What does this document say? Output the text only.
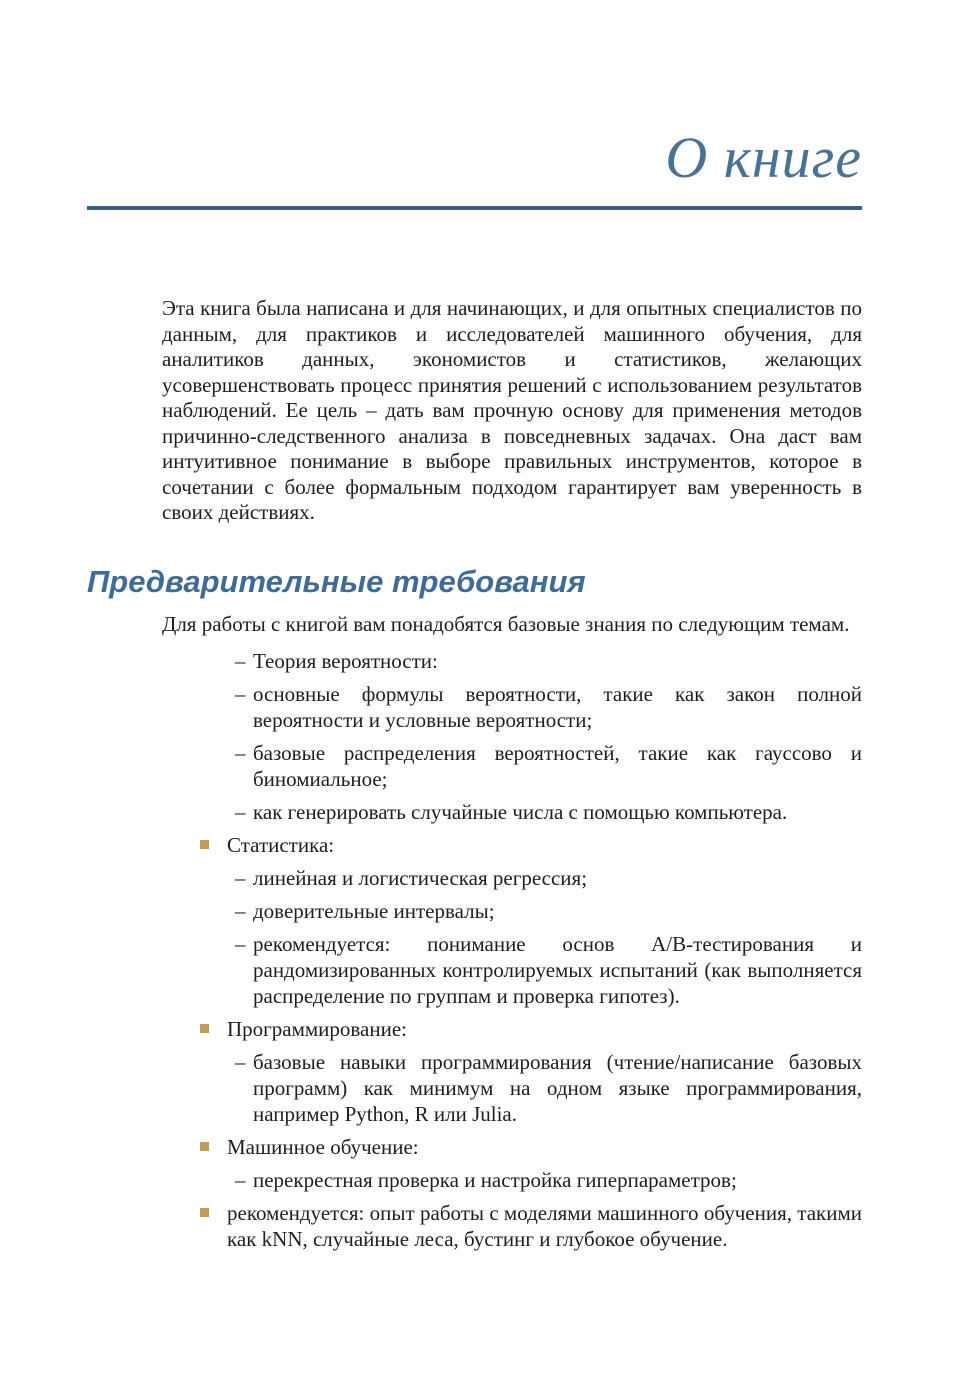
О книге

Эта книга была написана и для начинающих, и для опытных специалистов по данным, для практиков и исследователей машинного обучения, для аналитиков данных, экономистов и статистиков, желающих усовершенствовать процесс принятия решений с использованием результатов наблюдений. Ее цель – дать вам прочную основу для применения методов причинно-следственного анализа в повседневных задачах. Она даст вам интуитивное понимание в выборе правильных инструментов, которое в сочетании с более формальным подходом гарантирует вам уверенность в своих действиях.

Предварительные требования

Для работы с книгой вам понадобятся базовые знания по следующим темам.

– Теория вероятности:
– основные формулы вероятности, такие как закон полной вероятности и условные вероятности;
– базовые распределения вероятностей, такие как гауссово и биномиальное;
– как генерировать случайные числа с помощью компьютера.
Статистика:
– линейная и логистическая регрессия;
– доверительные интервалы;
– рекомендуется: понимание основ A/B-тестирования и рандомизированных контролируемых испытаний (как выполняется распределение по группам и проверка гипотез).
Программирование:
– базовые навыки программирования (чтение/написание базовых программ) как минимум на одном языке программирования, например Python, R или Julia.
Машинное обучение:
– перекрестная проверка и настройка гиперпараметров;
рекомендуется: опыт работы с моделями машинного обучения, такими как kNN, случайные леса, бустинг и глубокое обучение.
